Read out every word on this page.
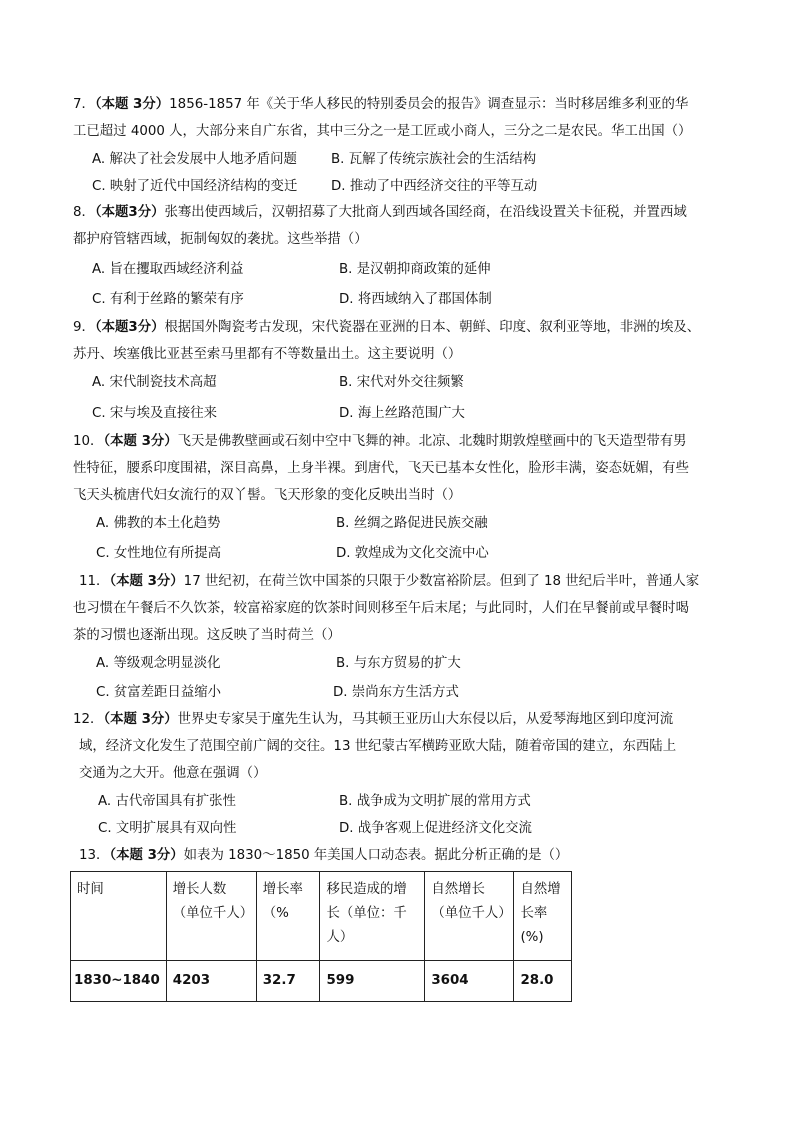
7．（本题 3分）1856-1857 年《关于华人移民的特别委员会的报告》调查显示：当时移居维多利亚的华
工已超过 4000 人，大部分来自广东省，其中三分之一是工匠或小商人，三分之二是农民。华工出国（）
A. 解决了社会发展中人地矛盾问题	B. 瓦解了传统宗族社会的生活结构
C. 映射了近代中国经济结构的变迁	D. 推动了中西经济交往的平等互动
8．（本题3分）张骞出使西域后，汉朝招募了大批商人到西域各国经商，在沿线设置关卡征税，并置西域
都护府管辖西域，扼制匈奴的袭扰。这些举措（）
A. 旨在攫取西域经济利益	B. 是汉朝抑商政策的延伸
C. 有利于丝路的繁荣有序	D. 将西域纳入了郡国体制
9．（本题3分）根据国外陶瓷考古发现，宋代瓷器在亚洲的日本、朝鲜、印度、叙利亚等地，非洲的埃及、
苏丹、埃塞俄比亚甚至索马里都有不等数量出土。这主要说明（）
A. 宋代制瓷技术高超	B. 宋代对外交往频繁
C. 宋与埃及直接往来	D. 海上丝路范围广大
10．（本题 3分）飞天是佛教壁画或石刻中空中飞舞的神。北凉、北魏时期敦煌壁画中的飞天造型带有男
性特征，腰系印度围裙，深目高鼻，上身半裸。到唐代，飞天已基本女性化，脸形丰满，姿态妩媚，有些
飞天头梳唐代妇女流行的双丫髻。飞天形象的变化反映出当时（）
A. 佛教的本土化趋势	B. 丝绸之路促进民族交融
C. 女性地位有所提高	D. 敦煌成为文化交流中心
11．（本题 3分）17 世纪初，在荷兰饮中国茶的只限于少数富裕阶层。但到了 18 世纪后半叶，普通人家
也习惯在午餐后不久饮茶，较富裕家庭的饮茶时间则移至午后末尾；与此同时，人们在早餐前或早餐时喝
茶的习惯也逐渐出现。这反映了当时荷兰（）
A. 等级观念明显淡化	B. 与东方贸易的扩大
C. 贫富差距日益缩小	D. 崇尚东方生活方式
12．（本题 3分）世界史专家吴于廑先生认为，马其顿王亚历山大东侵以后，从爱琴海地区到印度河流
域，经济文化发生了范围空前广阔的交往。13 世纪蒙古军横跨亚欧大陆，随着帝国的建立，东西陆上
交通为之大开。他意在强调（）
A. 古代帝国具有扩张性	B. 战争成为文明扩展的常用方式
C. 文明扩展具有双向性	D. 战争客观上促进经济文化交流
13．（本题 3分）如表为 1830～1850 年美国人口动态表。据此分析正确的是（）
时间	增长人数（单位千人）	增长率（%	移民造成的增长（单位：千人）	自然增长（单位千人）	自然增长率(%)
1830~1840	4203	32.7	599	3604	28.0
